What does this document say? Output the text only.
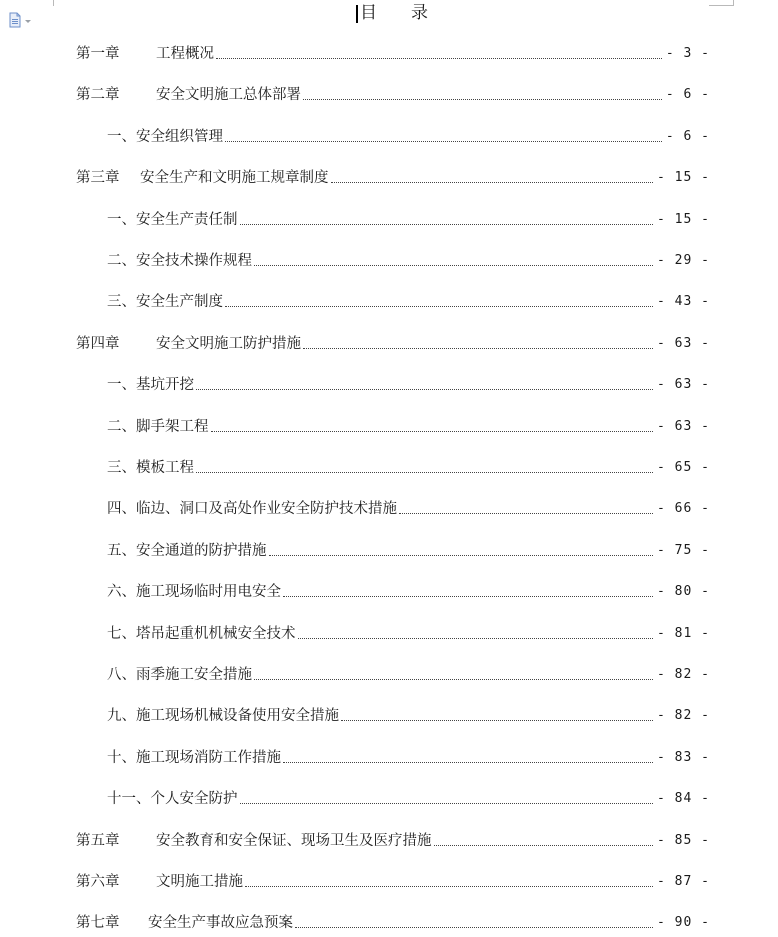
目 录
第一章	工程概况	- 3 -
第二章	安全文明施工总体部署	- 6 -
一、安全组织管理	- 6 -
第三章 安全生产和文明施工规章制度	- 15 -
一、安全生产责任制	- 15 -
二、安全技术操作规程	- 29 -
三、安全生产制度	- 43 -
第四章	安全文明施工防护措施	- 63 -
一、基坑开挖	- 63 -
二、脚手架工程	- 63 -
三、模板工程	- 65 -
四、临边、洞口及高处作业安全防护技术措施	- 66 -
五、安全通道的防护措施	- 75 -
六、施工现场临时用电安全	- 80 -
七、塔吊起重机机械安全技术	- 81 -
八、雨季施工安全措施	- 82 -
九、施工现场机械设备使用安全措施	- 82 -
十、施工现场消防工作措施	- 83 -
十一、个人安全防护	- 84 -
第五章	安全教育和安全保证、现场卫生及医疗措施	- 85 -
第六章	文明施工措施	- 87 -
第七章 安全生产事故应急预案	- 90 -
